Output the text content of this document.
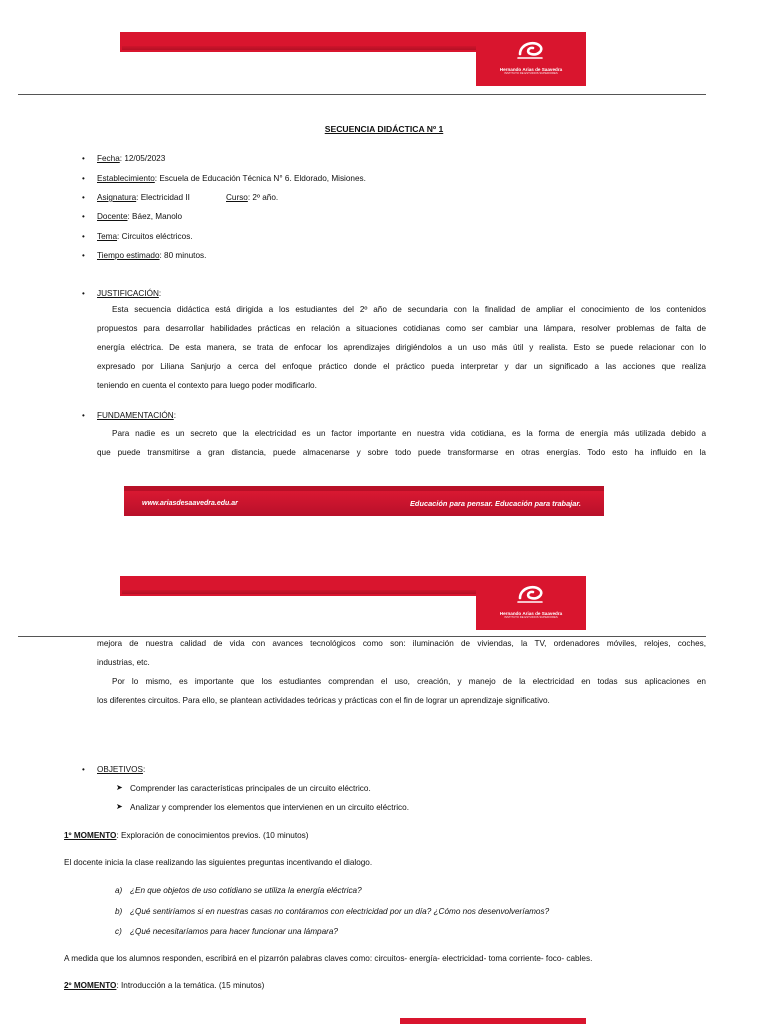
Hernando Arias de Saavedra
INSTITUTO DE ESTUDIOS SUPERIORES
SECUENCIA DIDÁCTICA Nº 1
• Fecha: 12/05/2023
• Establecimiento: Escuela de Educación Técnica N° 6. Eldorado, Misiones.
• Asignatura: Electricidad II	Curso: 2º año.
• Docente: Báez, Manolo
• Tema: Circuitos eléctricos.
• Tiempo estimado: 80 minutos.
• JUSTIFICACIÓN:
Esta secuencia didáctica está dirigida a los estudiantes del 2º año de secundaria con la finalidad de ampliar el conocimiento de los contenidos
propuestos para desarrollar habilidades prácticas en relación a situaciones cotidianas como ser cambiar una lámpara, resolver problemas de falta de
energía eléctrica. De esta manera, se trata de enfocar los aprendizajes dirigiéndolos a un uso más útil y realista. Esto se puede relacionar con lo
expresado por Liliana Sanjurjo a cerca del enfoque práctico donde el práctico pueda interpretar y dar un significado a las acciones que realiza
teniendo en cuenta el contexto para luego poder modificarlo.
• FUNDAMENTACIÓN:
Para nadie es un secreto que la electricidad es un factor importante en nuestra vida cotidiana, es la forma de energía más utilizada debido a
que puede transmitirse a gran distancia, puede almacenarse y sobre todo puede transformarse en otras energías. Todo esto ha influido en la
www.ariasdesaavedra.edu.ar	Educación para pensar. Educación para trabajar.
Hernando Arias de Saavedra
INSTITUTO DE ESTUDIOS SUPERIORES
mejora de nuestra calidad de vida con avances tecnológicos como son: iluminación de viviendas, la TV, ordenadores móviles, relojes, coches,
industrias, etc.
Por lo mismo, es importante que los estudiantes comprendan el uso, creación, y manejo de la electricidad en todas sus aplicaciones en
los diferentes circuitos. Para ello, se plantean actividades teóricas y prácticas con el fin de lograr un aprendizaje significativo.
• OBJETIVOS:
➤ Comprender las características principales de un circuito eléctrico.
➤ Analizar y comprender los elementos que intervienen en un circuito eléctrico.
1º MOMENTO: Exploración de conocimientos previos. (10 minutos)
El docente inicia la clase realizando las siguientes preguntas incentivando el dialogo.
a) ¿En que objetos de uso cotidiano se utiliza la energía eléctrica?
b) ¿Qué sentiríamos si en nuestras casas no contáramos con electricidad por un día? ¿Cómo nos desenvolveríamos?
c) ¿Qué necesitaríamos para hacer funcionar una lámpara?
A medida que los alumnos responden, escribirá en el pizarrón palabras claves como: circuitos- energía- electricidad- toma corriente- foco- cables.
2º MOMENTO: Introducción a la temática. (15 minutos)
